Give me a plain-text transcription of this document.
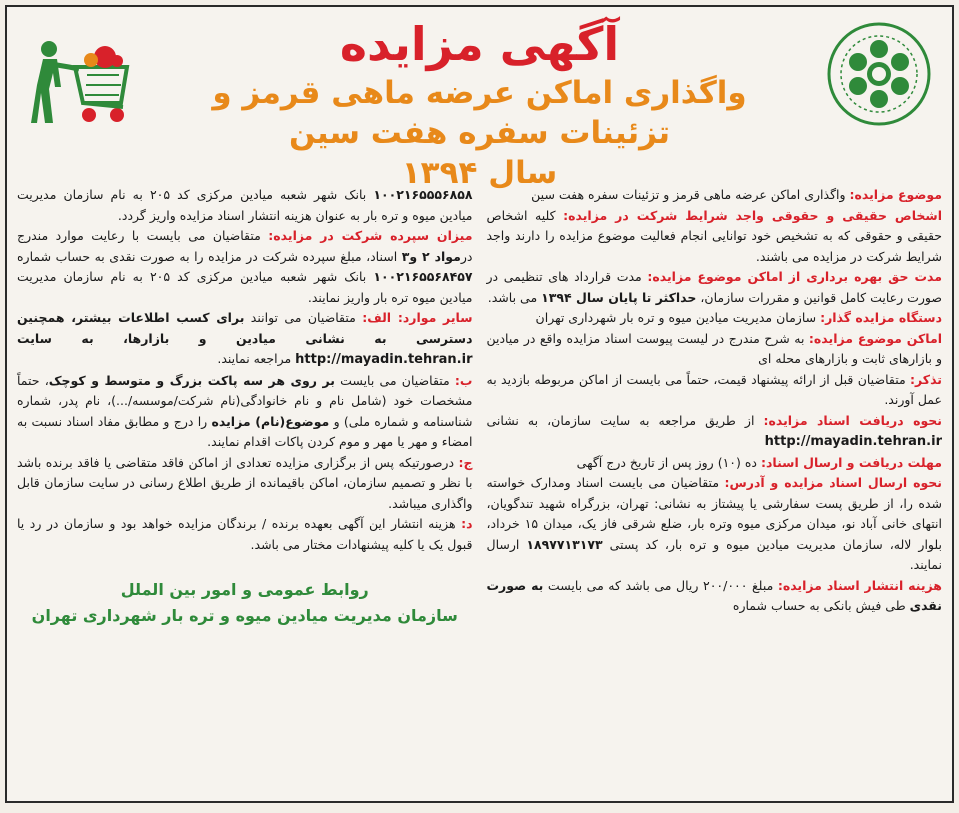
آگهی مزایده

واگذاری اماکن عرضه ماهی قرمز و تزئینات سفره هفت سین

سال ۱۳۹۴

موضوع مزایده: واگذاری اماکن عرضه ماهی قرمز و تزئینات سفره هفت سین

اشخاص حقیقی و حقوقی واجد شرایط شرکت در مزایده: کلیه اشخاص حقیقی و حقوقی که به تشخیص خود توانایی انجام فعالیت موضوع مزایده را دارند واجد شرایط شرکت در مزایده می باشند.

مدت حق بهره برداری از اماکن موضوع مزایده: مدت قرارداد های تنظیمی در صورت رعایت کامل قوانین و مقررات سازمان، حداکثر تا پایان سال ۱۳۹۴ می باشد.

دستگاه مزایده گذار: سازمان مدیریت میادین میوه و تره بار شهرداری تهران

اماکن موضوع مزایده: به شرح مندرج در لیست پیوست اسناد مزایده واقع در میادین و بازارهای ثابت و بازارهای محله ای

تذکر: متقاضیان قبل از ارائه پیشنهاد قیمت، حتماً می بایست از اماکن مربوطه بازدید به عمل آورند.

نحوه دریافت اسناد مزایده: از طریق مراجعه به سایت سازمان، به نشانی http://mayadin.tehran.ir

مهلت دریافت و ارسال اسناد: ده (۱۰) روز پس از تاریخ درج آگهی

نحوه ارسال اسناد مزایده و آدرس: متقاضیان می بایست اسناد ومدارک خواسته شده را، از طریق پست سفارشی یا پیشتاز به نشانی: تهران، بزرگراه شهید تندگویان، انتهای خانی آباد نو، میدان مرکزی میوه وتره بار، ضلع شرقی فاز یک، میدان ۱۵ خرداد، بلوار لاله، سازمان مدیریت میادین میوه و تره بار، کد پستی ۱۸۹۷۷۱۳۱۷۳ ارسال نمایند.

هزینه انتشار اسناد مزایده: مبلغ ۲۰۰/۰۰۰ ریال می باشد که می بایست به صورت نقدی طی فیش بانکی به حساب شماره

۱۰۰۲۱۶۵۵۵۶۸۵۸ بانک شهر شعبه میادین مرکزی کد ۲۰۵ به نام سازمان مدیریت میادین میوه و تره بار به عنوان هزینه انتشار اسناد مزایده واریز گردد.

میزان سپرده شرکت در مزایده: متقاضیان می بایست با رعایت موارد مندرج درمواد ۲ و۳ اسناد، مبلغ سپرده شرکت در مزایده را به صورت نقدی به حساب شماره ۱۰۰۲۱۶۵۵۶۸۴۵۷ بانک شهر شعبه میادین مرکزی کد ۲۰۵ به نام سازمان مدیریت میادین میوه تره بار واریز نمایند.

سایر موارد: الف: متقاضیان می توانند برای کسب اطلاعات بیشتر، همچنین دسترسی به نشانی میادین و بازارها، به سایت http://mayadin.tehran.ir مراجعه نمایند.

ب: متقاضیان می بایست بر روی هر سه پاکت بزرگ و متوسط و کوچک، حتماً مشخصات خود (شامل نام و نام خانوادگی(نام شرکت/موسسه/...)، نام پدر، شماره شناسنامه و شماره ملی) و موضوع(نام) مزایده را درج و مطابق مفاد اسناد نسبت به امضاء و مهر یا مهر و موم کردن پاکات اقدام نمایند.

ج: درصورتیکه پس از برگزاری مزایده تعدادی از اماکن فاقد متقاضی یا فاقد برنده باشد با نظر و تصمیم سازمان، اماکن باقیمانده از طریق اطلاع رسانی در سایت سازمان قابل واگذاری میباشد.

د: هزینه انتشار این آگهی بعهده برنده / برندگان مزایده خواهد بود و سازمان در رد یا قبول یک یا کلیه پیشنهادات مختار می باشد.

روابط عمومی و امور بین الملل
سازمان مدیریت میادین میوه و تره بار شهرداری تهران
